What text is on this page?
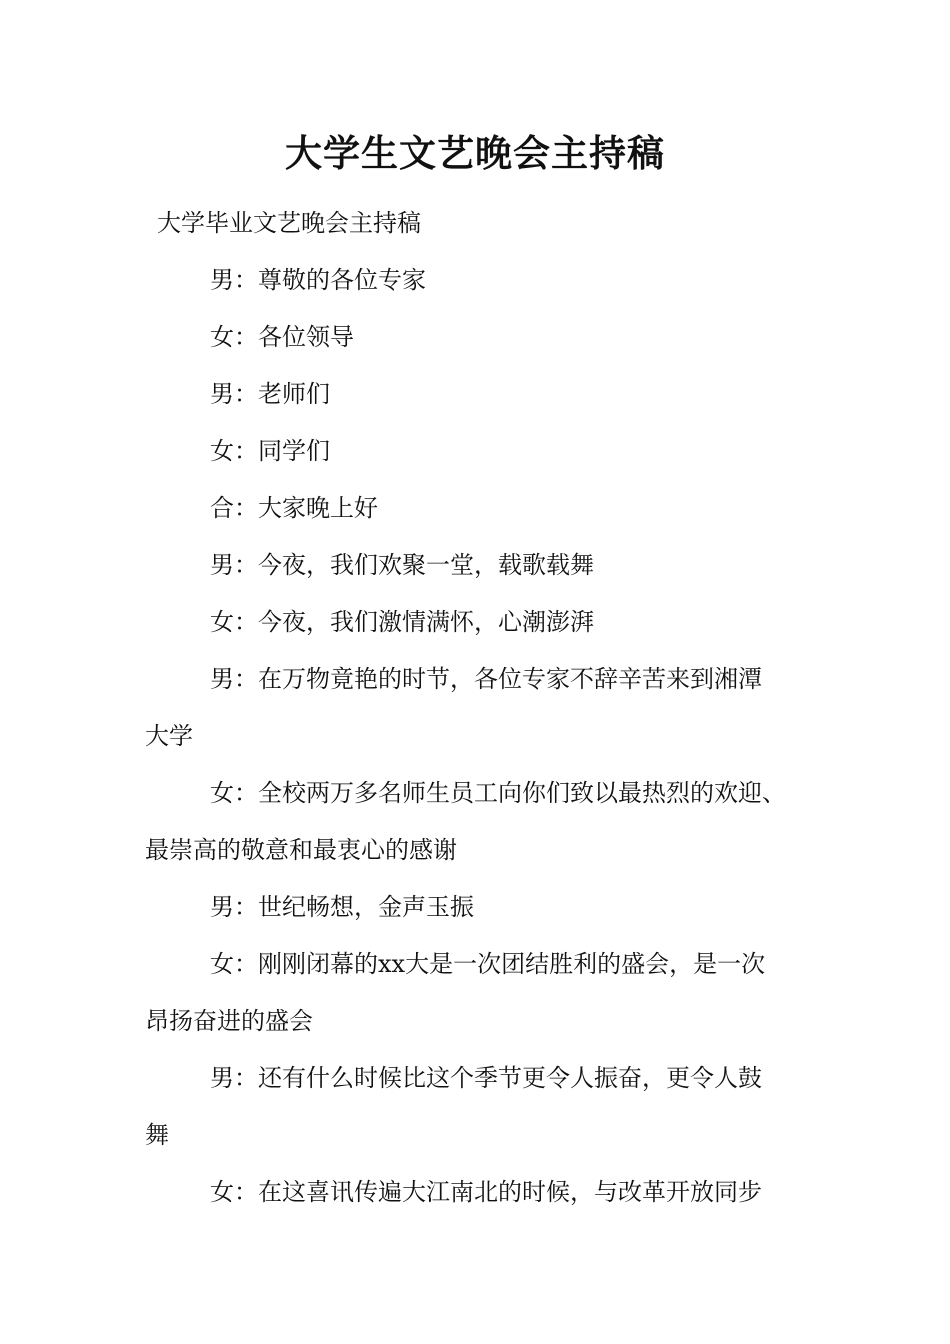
大学生文艺晚会主持稿
大学毕业文艺晚会主持稿
男：尊敬的各位专家
女：各位领导
男：老师们
女：同学们
合：大家晚上好
男：今夜，我们欢聚一堂，载歌载舞
女：今夜，我们激情满怀，心潮澎湃
男：在万物竟艳的时节，各位专家不辞辛苦来到湘潭
大学
女：全校两万多名师生员工向你们致以最热烈的欢迎、
最崇高的敬意和最衷心的感谢
男：世纪畅想，金声玉振
女：刚刚闭幕的xx大是一次团结胜利的盛会，是一次
昂扬奋进的盛会
男：还有什么时候比这个季节更令人振奋，更令人鼓
舞
女：在这喜讯传遍大江南北的时候，与改革开放同步
